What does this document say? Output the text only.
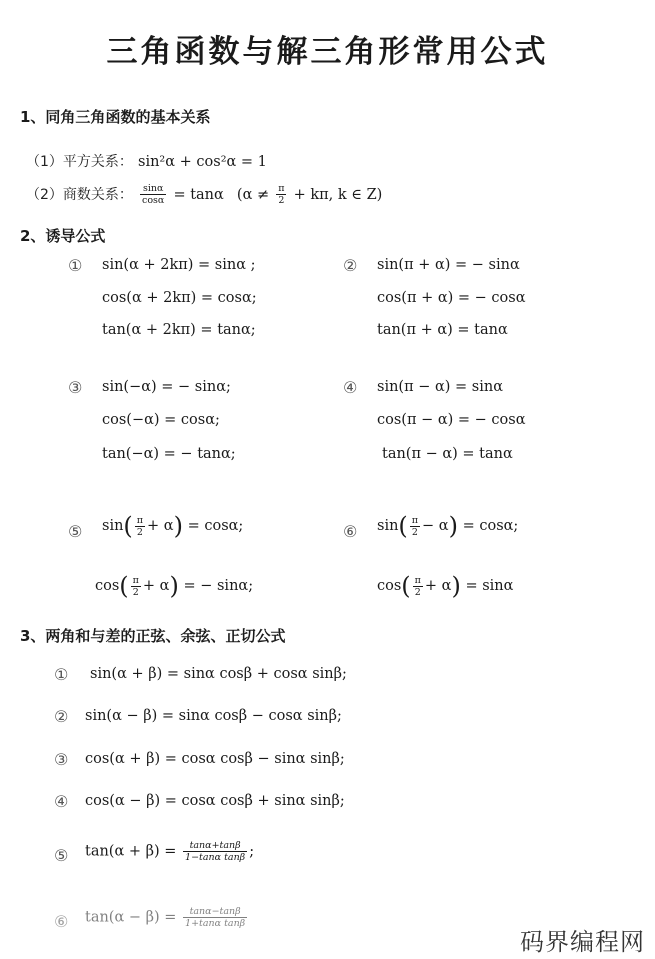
三角函数与解三角形常用公式
1、同角三角函数的基本关系
（1）平方关系： sin²α + cos²α = 1
（2）商数关系： $\frac{\sin\alpha}{\cos\alpha} = \tan\alpha$ ($\alpha \ne \frac{\pi}{2} + k\pi$, k ∈ Z)
2、诱导公式
① sin(α + 2kπ) = sinα ;
cos(α + 2kπ) = cosα;
tan(α + 2kπ) = tanα;
② sin(π + α) = − sinα
cos(π + α) = − cosα
tan(π + α) = tanα
③ sin(−α) = − sinα;
cos(−α) = cosα;
tan(−α) = − tanα;
④ sin(π − α) = sinα
cos(π − α) = − cosα
tan(π − α) = tanα
⑤ $\sin( \frac{\pi}{2} + \alpha) = \cos\alpha$;
$\cos( \frac{\pi}{2} + \alpha)$ = − sinα;
⑥ $\sin( \frac{\pi}{2} - \alpha) = \cos\alpha$;
$\cos( \frac{\pi}{2} + \alpha) = \sin\alpha$
3、两角和与差的正弦、余弦、正切公式
① sin(α + β) = sinα cosβ + cosα sinβ;
② sin(α − β) = sinα cosβ − cosα sinβ;
③ cos(α + β) = cosα cosβ − sinα sinβ;
④ cos(α − β) = cosα cosβ + sinα sinβ;
⑤ $\tan(\alpha + \beta) = \frac{\tan\alpha+\tan\beta}{\text{1−tanα tanβ}}$ ;
⑥ $\tan(\alpha - \beta) = \frac{\tan\alpha-\tan\beta}{\text{1+tanα tanβ}}$
码界编程网
